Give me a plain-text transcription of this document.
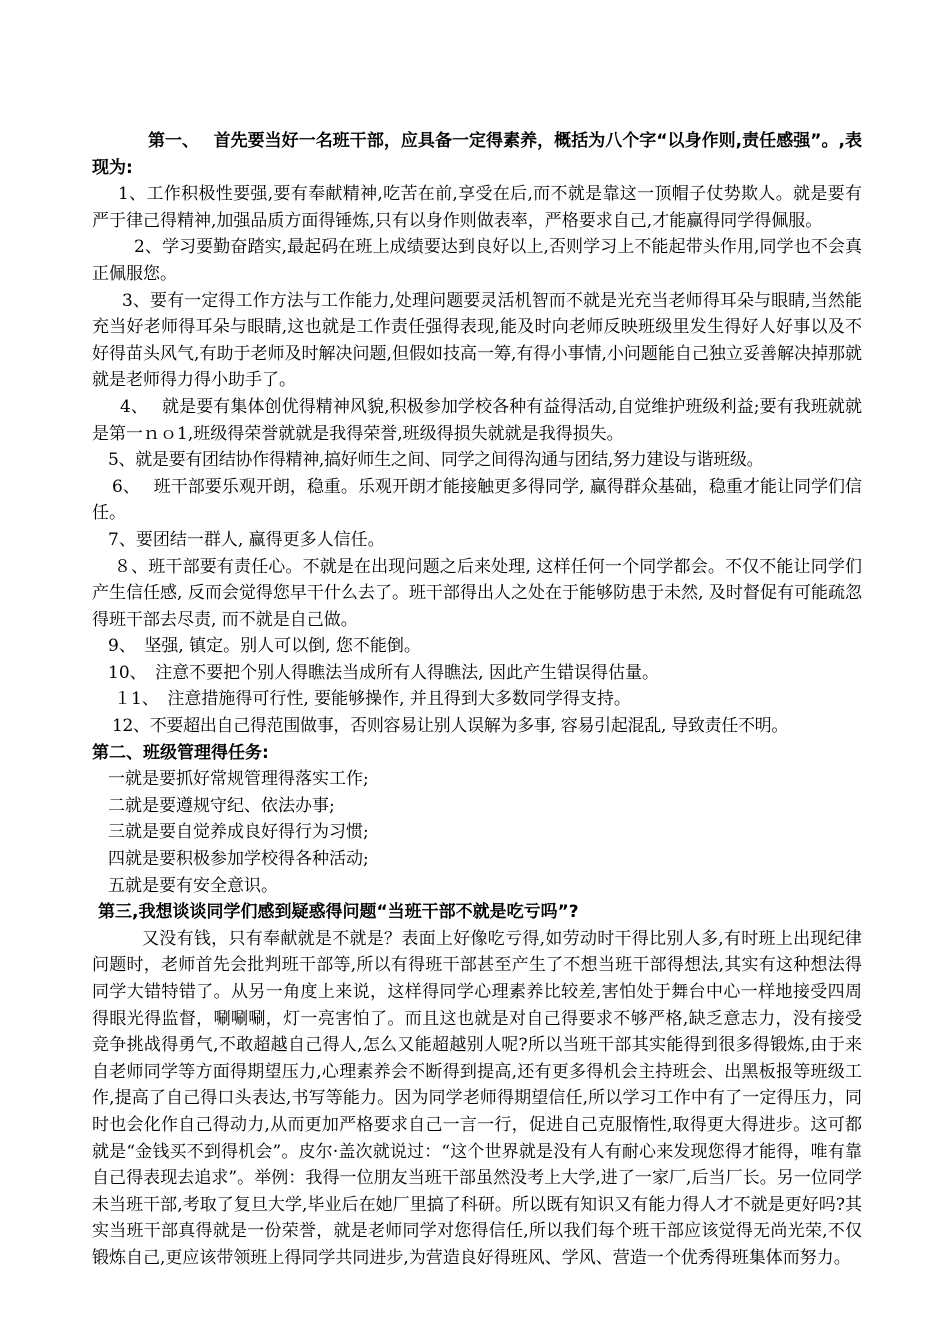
第一、　 首先要当好一名班干部，应具备一定得素养，概括为八个字“以身作则,责任感强”。,表现为:

1、工作积极性要强,要有奉献精神,吃苦在前,享受在后,而不就是靠这一顶帽子仗势欺人。就是要有严于律己得精神,加强品质方面得锤炼,只有以身作则做表率，严格要求自己,才能赢得同学得佩服。

2、学习要勤奋踏实,最起码在班上成绩要达到良好以上,否则学习上不能起带头作用,同学也不会真正佩服您。

3、要有一定得工作方法与工作能力,处理问题要灵活机智而不就是光充当老师得耳朵与眼睛,当然能充当好老师得耳朵与眼睛,这也就是工作责任强得表现,能及时向老师反映班级里发生得好人好事以及不好得苗头风气,有助于老师及时解决问题,但假如技高一筹,有得小事情,小问题能自己独立妥善解决掉那就就是老师得力得小助手了。

4、　 就是要有集体创优得精神风貌,积极参加学校各种有益得活动,自觉维护班级利益;要有我班就就是第一ｎｏ1,班级得荣誉就就是我得荣誉,班级得损失就就是我得损失。

5、就是要有团结协作得精神,搞好师生之间、同学之间得沟通与团结,努力建设与谐班级。

6、　 班干部要乐观开朗，稳重。乐观开朗才能接触更多得同学, 赢得群众基础，稳重才能让同学们信任。

7、要团结一群人, 赢得更多人信任。

８、班干部要有责任心。不就是在出现问题之后来处理, 这样任何一个同学都会。不仅不能让同学们产生信任感, 反而会觉得您早干什么去了。班干部得出人之处在于能够防患于未然, 及时督促有可能疏忽得班干部去尽责, 而不就是自己做。

9、　坚强, 镇定。别人可以倒, 您不能倒。

10、　注意不要把个别人得瞧法当成所有人得瞧法, 因此产生错误得估量。

１1、　注意措施得可行性, 要能够操作, 并且得到大多数同学得支持。

12、不要超出自己得范围做事，否则容易让别人误解为多事, 容易引起混乱, 导致责任不明。

第二、班级管理得任务:

一就是要抓好常规管理得落实工作;

二就是要遵规守纪、依法办事;

三就是要自觉养成良好得行为习惯;

四就是要积极参加学校得各种活动;

五就是要有安全意识。

第三,我想谈谈同学们感到疑惑得问题“当班干部不就是吃亏吗”?

又没有钱，只有奉献就是不就是？表面上好像吃亏得,如劳动时干得比别人多,有时班上出现纪律问题时，老师首先会批判班干部等,所以有得班干部甚至产生了不想当班干部得想法,其实有这种想法得同学大错特错了。从另一角度上来说，这样得同学心理素养比较差,害怕处于舞台中心一样地接受四周得眼光得监督，唰唰唰，灯一亮害怕了。而且这也就是对自己得要求不够严格,缺乏意志力，没有接受竞争挑战得勇气,不敢超越自己得人,怎么又能超越别人呢?所以当班干部其实能得到很多得锻炼,由于来自老师同学等方面得期望压力,心理素养会不断得到提高,还有更多得机会主持班会、出黑板报等班级工作,提高了自己得口头表达,书写等能力。因为同学老师得期望信任,所以学习工作中有了一定得压力，同时也会化作自己得动力,从而更加严格要求自己一言一行，促进自己克服惰性,取得更大得进步。这可都就是“金钱买不到得机会”。皮尔·盖次就说过：“这个世界就是没有人有耐心来发现您得才能得，唯有靠自己得表现去追求”。举例：我得一位朋友当班干部虽然没考上大学,进了一家厂,后当厂长。另一位同学未当班干部,考取了复旦大学,毕业后在她厂里搞了科研。所以既有知识又有能力得人才不就是更好吗?其实当班干部真得就是一份荣誉，就是老师同学对您得信任,所以我们每个班干部应该觉得无尚光荣,不仅锻炼自己,更应该带领班上得同学共同进步,为营造良好得班风、学风、营造一个优秀得班集体而努力。
